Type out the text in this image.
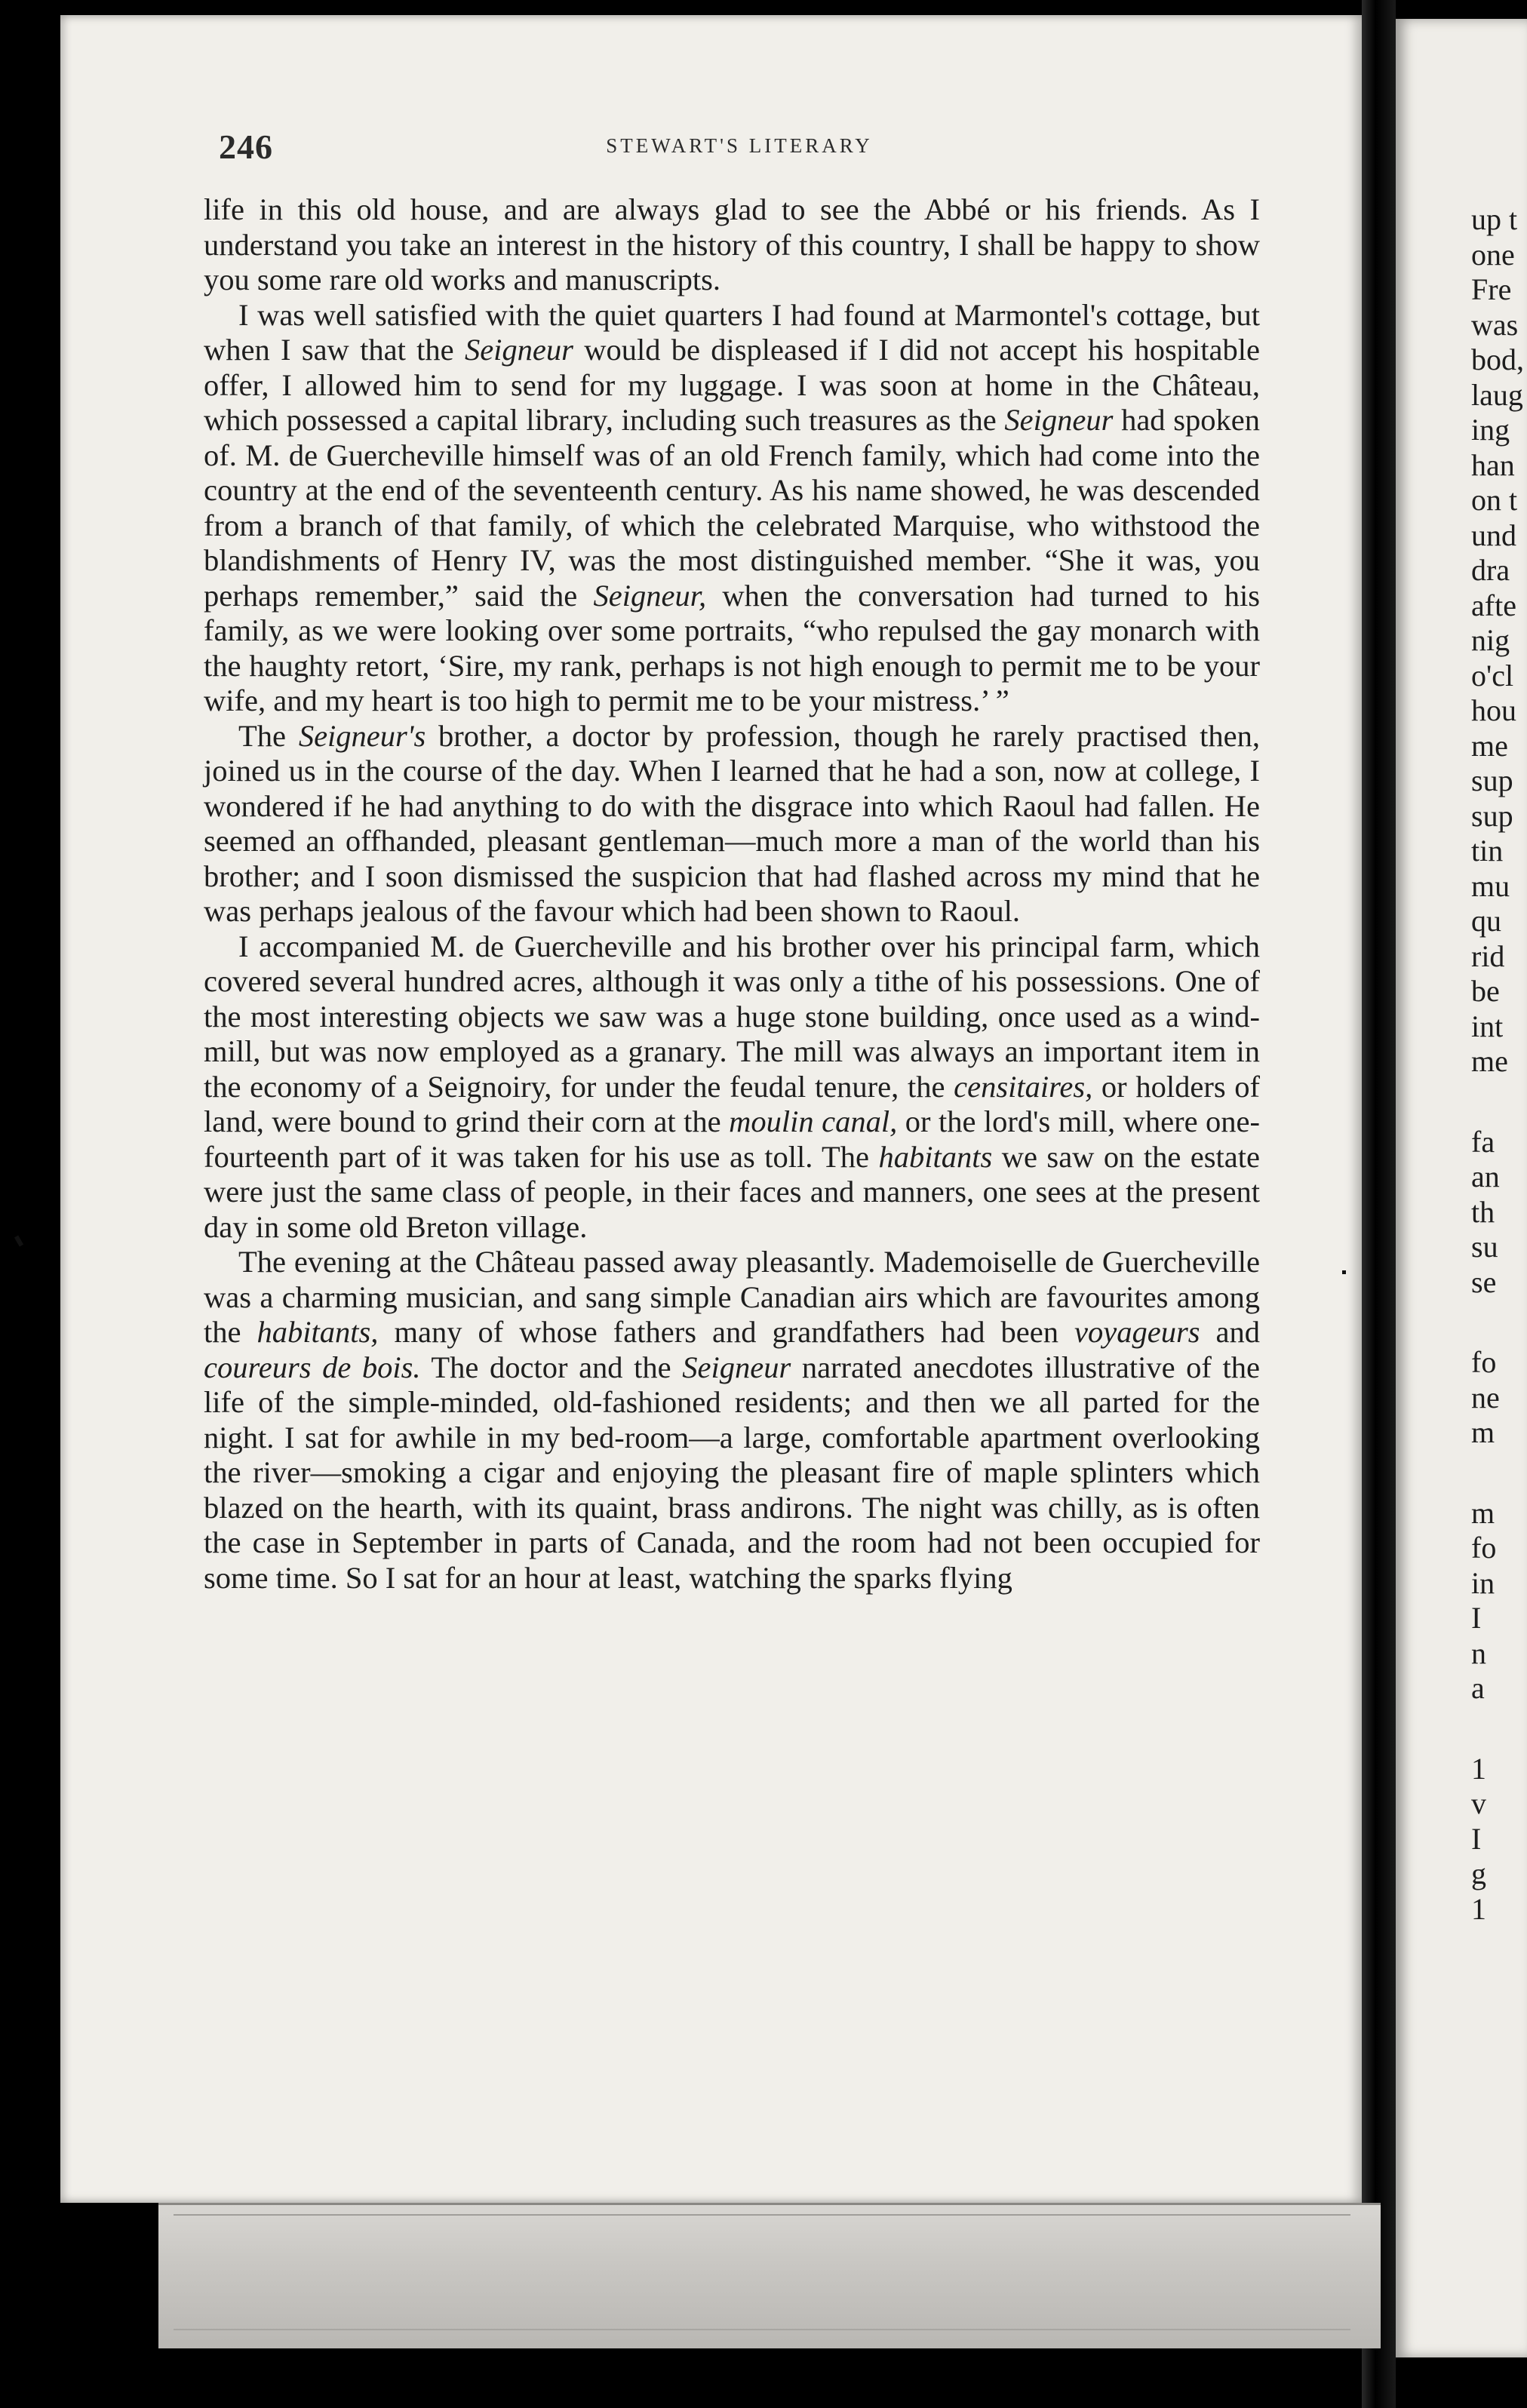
246	STEWART'S LITERARY

life in this old house, and are always glad to see the Abbé or his friends. As I understand you take an interest in the history of this country, I shall be happy to show you some rare old works and manuscripts.

I was well satisfied with the quiet quarters I had found at Marmontel's cottage, but when I saw that the Seigneur would be displeased if I did not accept his hospitable offer, I allowed him to send for my luggage. I was soon at home in the Château, which possessed a capital library, including such treasures as the Seigneur had spoken of. M. de Guercheville himself was of an old French family, which had come into the country at the end of the seventeenth century. As his name showed, he was descended from a branch of that family, of which the celebrated Marquise, who withstood the blandishments of Henry IV, was the most distinguished member. “She it was, you perhaps remember,” said the Seigneur, when the conversation had turned to his family, as we were looking over some portraits, “who repulsed the gay monarch with the haughty retort, ‘Sire, my rank, perhaps is not high enough to permit me to be your wife, and my heart is too high to permit me to be your mistress.’ ”

The Seigneur's brother, a doctor by profession, though he rarely practised then, joined us in the course of the day. When I learned that he had a son, now at college, I wondered if he had anything to do with the disgrace into which Raoul had fallen. He seemed an offhanded, pleasant gentleman—much more a man of the world than his brother; and I soon dismissed the suspicion that had flashed across my mind that he was perhaps jealous of the favour which had been shown to Raoul.

I accompanied M. de Guercheville and his brother over his principal farm, which covered several hundred acres, although it was only a tithe of his possessions. One of the most interesting objects we saw was a huge stone building, once used as a wind-mill, but was now employed as a granary. The mill was always an important item in the economy of a Seignoiry, for under the feudal tenure, the censitaires, or holders of land, were bound to grind their corn at the moulin canal, or the lord's mill, where one-fourteenth part of it was taken for his use as toll. The habitants we saw on the estate were just the same class of people, in their faces and manners, one sees at the present day in some old Breton village.

The evening at the Château passed away pleasantly. Mademoiselle de Guercheville was a charming musician, and sang simple Canadian airs which are favourites among the habitants, many of whose fathers and grandfathers had been voyageurs and coureurs de bois. The doctor and the Seigneur narrated anecdotes illustrative of the life of the simple-minded, old-fashioned residents; and then we all parted for the night. I sat for awhile in my bed-room—a large, comfortable apartment overlooking the river—smoking a cigar and enjoying the pleasant fire of maple splinters which blazed on the hearth, with its quaint, brass andirons. The night was chilly, as is often the case in September in parts of Canada, and the room had not been occupied for some time. So I sat for an hour at least, watching the sparks flying

up t
one
Fre
was
bod,
laug
ing
han
on t
und
dra
afte
nig
o'cl
hou
me
sup
sup
tin
mu
qu
rid
be
int
me
fa
an
th
su
se
fo
ne
m
m
fo
in
I
n
a
1
v
I
g
1
